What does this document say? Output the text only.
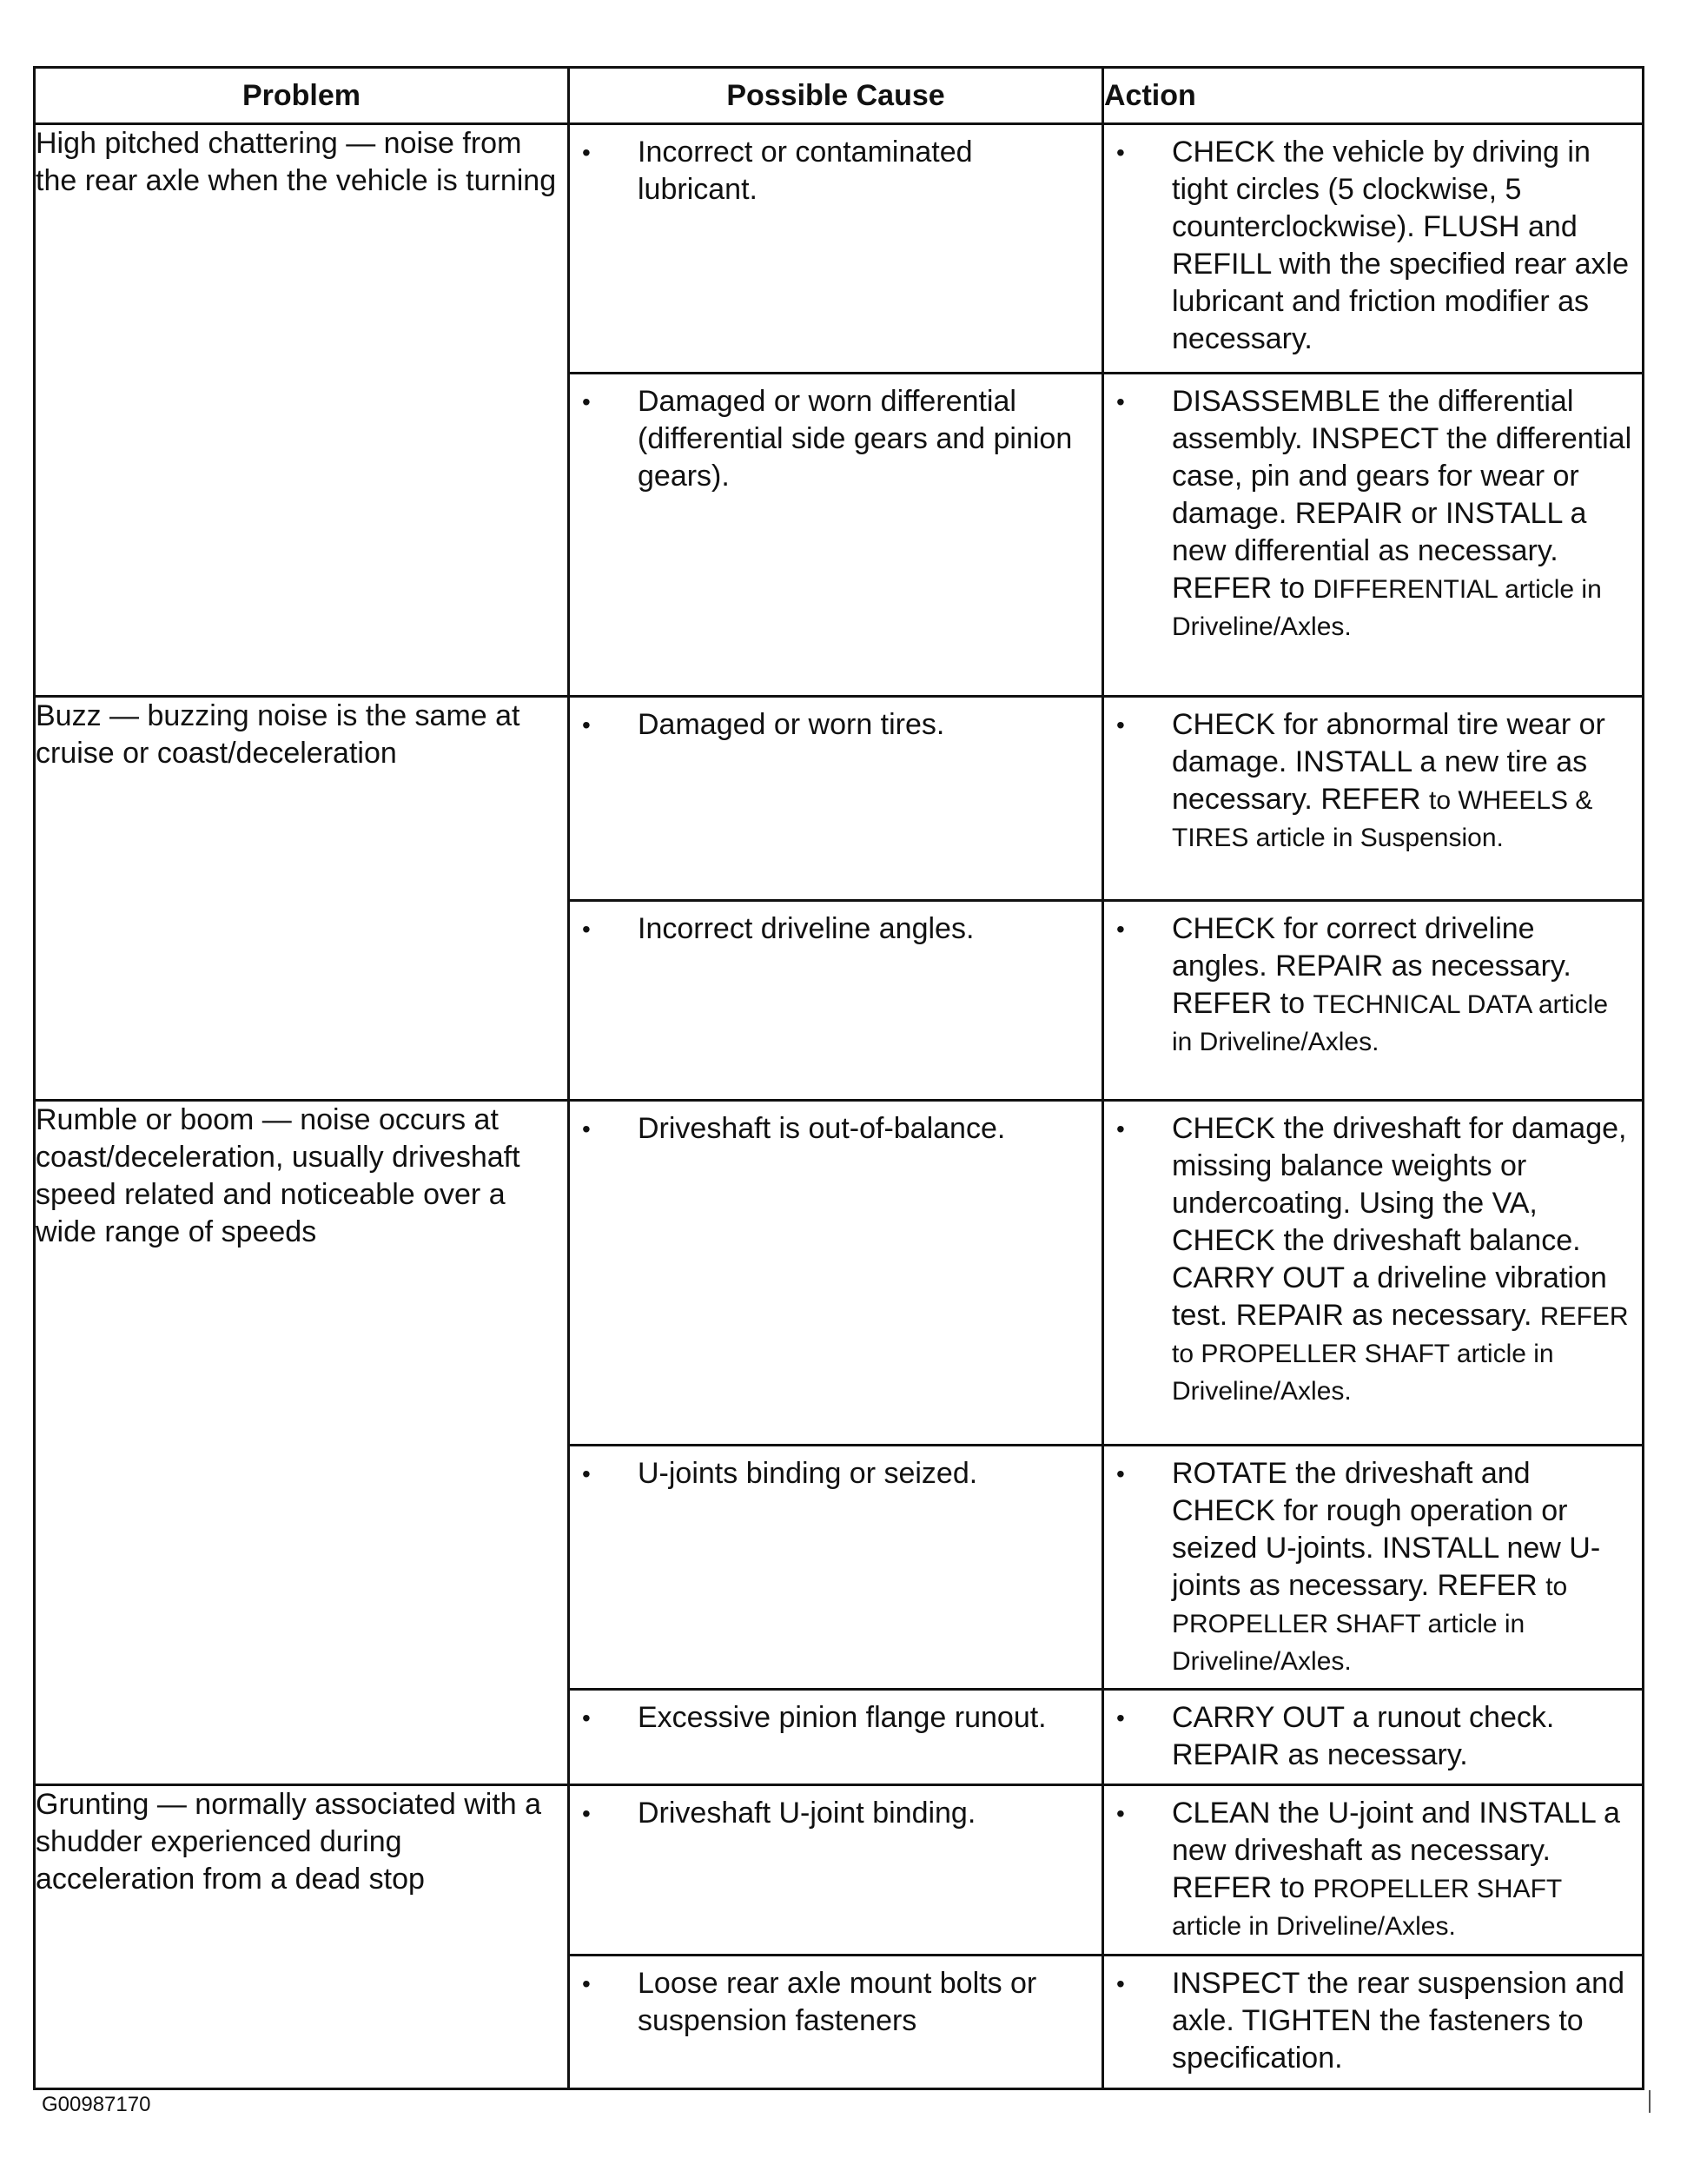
Problem	Possible Cause	Action
High pitched chattering — noise from the rear axle when the vehicle is turning	• Incorrect or contaminated lubricant.	• CHECK the vehicle by driving in tight circles (5 clockwise, 5 counterclockwise). FLUSH and REFILL with the specified rear axle lubricant and friction modifier as necessary.

	• Damaged or worn differential (differential side gears and pinion gears).	• DISASSEMBLE the differential assembly. INSPECT the differential case, pin and gears for wear or damage. REPAIR or INSTALL a new differential as necessary. REFER to DIFFERENTIAL article in Driveline/Axles.

Buzz — buzzing noise is the same at cruise or coast/deceleration	• Damaged or worn tires.	• CHECK for abnormal tire wear or damage. INSTALL a new tire as necessary. REFER to WHEELS & TIRES article in Suspension.

	• Incorrect driveline angles.	• CHECK for correct driveline angles. REPAIR as necessary. REFER to TECHNICAL DATA article in Driveline/Axles.

Rumble or boom — noise occurs at coast/deceleration, usually driveshaft speed related and noticeable over a wide range of speeds	• Driveshaft is out-of-balance.	• CHECK the driveshaft for damage, missing balance weights or undercoating. Using the VA, CHECK the driveshaft balance. CARRY OUT a driveline vibration test. REPAIR as necessary. REFER to PROPELLER SHAFT article in Driveline/Axles.

	• U-joints binding or seized.	• ROTATE the driveshaft and CHECK for rough operation or seized U-joints. INSTALL new U-joints as necessary. REFER to PROPELLER SHAFT article in Driveline/Axles.

	• Excessive pinion flange runout.	• CARRY OUT a runout check. REPAIR as necessary.

Grunting — normally associated with a shudder experienced during acceleration from a dead stop	• Driveshaft U-joint binding.	• CLEAN the U-joint and INSTALL a new driveshaft as necessary. REFER to PROPELLER SHAFT article in Driveline/Axles.

	• Loose rear axle mount bolts or suspension fasteners	• INSPECT the rear suspension and axle. TIGHTEN the fasteners to specification.
G00987170
